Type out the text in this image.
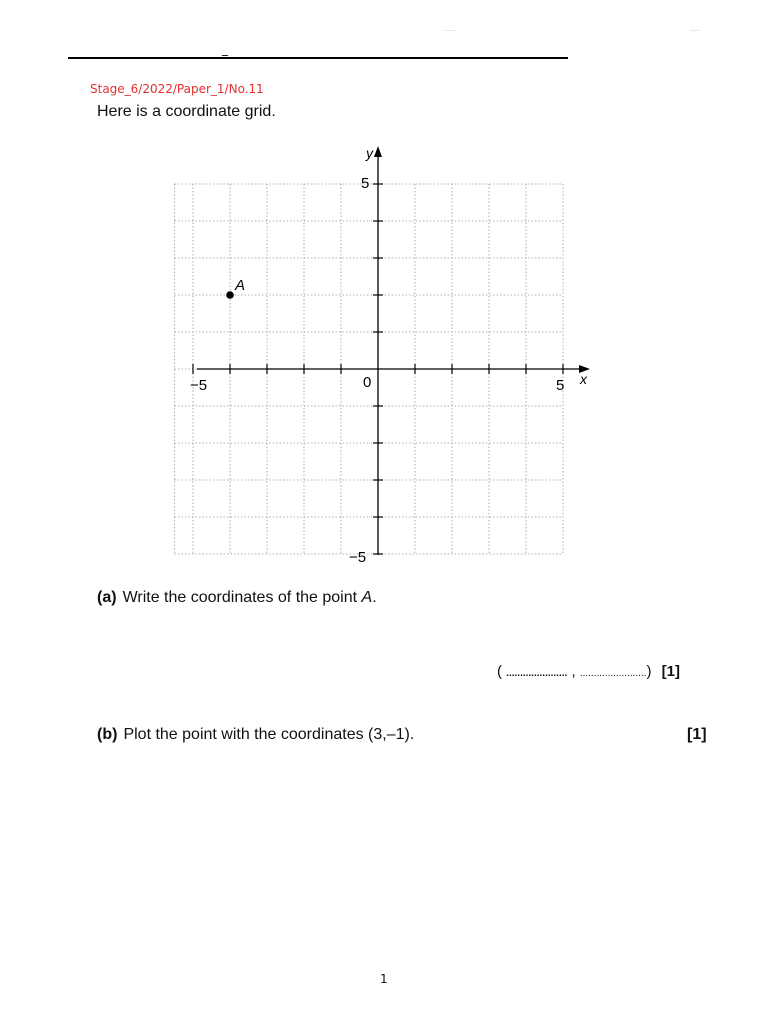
_
Stage_6/2022/Paper_1/No.11
Here is a coordinate grid.
x
y
−5	5
5
−5
0
A
(a) Write the coordinates of the point A.
( ...................... , ........................) [1]
(b) Plot the point with the coordinates (3,–1).	[1]
1
